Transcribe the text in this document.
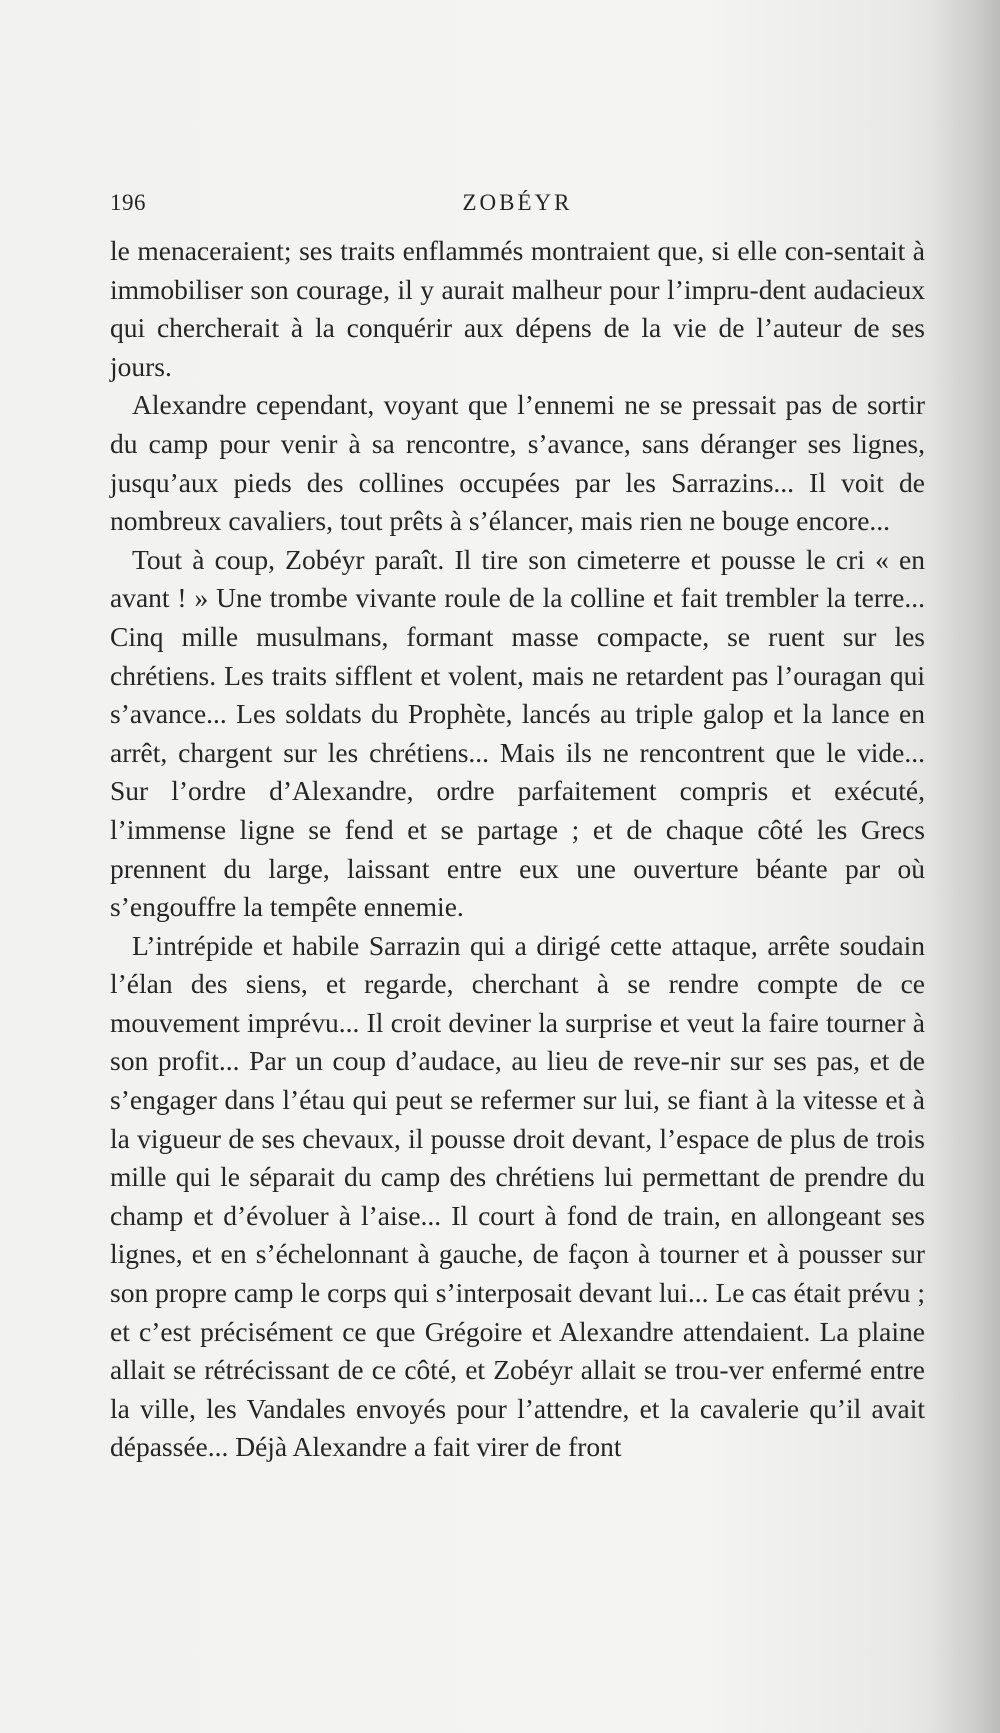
196	ZOBÉYR

le menaceraient; ses traits enflammés montraient que, si elle con-sentait à immobiliser son courage, il y aurait malheur pour l’impru-dent audacieux qui chercherait à la conquérir aux dépens de la vie de l’auteur de ses jours.

Alexandre cependant, voyant que l’ennemi ne se pressait pas de sortir du camp pour venir à sa rencontre, s’avance, sans déranger ses lignes, jusqu’aux pieds des collines occupées par les Sarrazins... Il voit de nombreux cavaliers, tout prêts à s’élancer, mais rien ne bouge encore...

Tout à coup, Zobéyr paraît. Il tire son cimeterre et pousse le cri « en avant ! » Une trombe vivante roule de la colline et fait trembler la terre... Cinq mille musulmans, formant masse compacte, se ruent sur les chrétiens. Les traits sifflent et volent, mais ne retardent pas l’ouragan qui s’avance... Les soldats du Prophète, lancés au triple galop et la lance en arrêt, chargent sur les chrétiens... Mais ils ne rencontrent que le vide... Sur l’ordre d’Alexandre, ordre parfaitement compris et exécuté, l’immense ligne se fend et se partage ; et de chaque côté les Grecs prennent du large, laissant entre eux une ouverture béante par où s’engouffre la tempête ennemie.

L’intrépide et habile Sarrazin qui a dirigé cette attaque, arrête soudain l’élan des siens, et regarde, cherchant à se rendre compte de ce mouvement imprévu... Il croit deviner la surprise et veut la faire tourner à son profit... Par un coup d’audace, au lieu de reve-nir sur ses pas, et de s’engager dans l’étau qui peut se refermer sur lui, se fiant à la vitesse et à la vigueur de ses chevaux, il pousse droit devant, l’espace de plus de trois mille qui le séparait du camp des chrétiens lui permettant de prendre du champ et d’évoluer à l’aise... Il court à fond de train, en allongeant ses lignes, et en s’échelonnant à gauche, de façon à tourner et à pousser sur son propre camp le corps qui s’interposait devant lui... Le cas était prévu ; et c’est précisément ce que Grégoire et Alexandre attendaient. La plaine allait se rétrécissant de ce côté, et Zobéyr allait se trou-ver enfermé entre la ville, les Vandales envoyés pour l’attendre, et la cavalerie qu’il avait dépassée... Déjà Alexandre a fait virer de front
